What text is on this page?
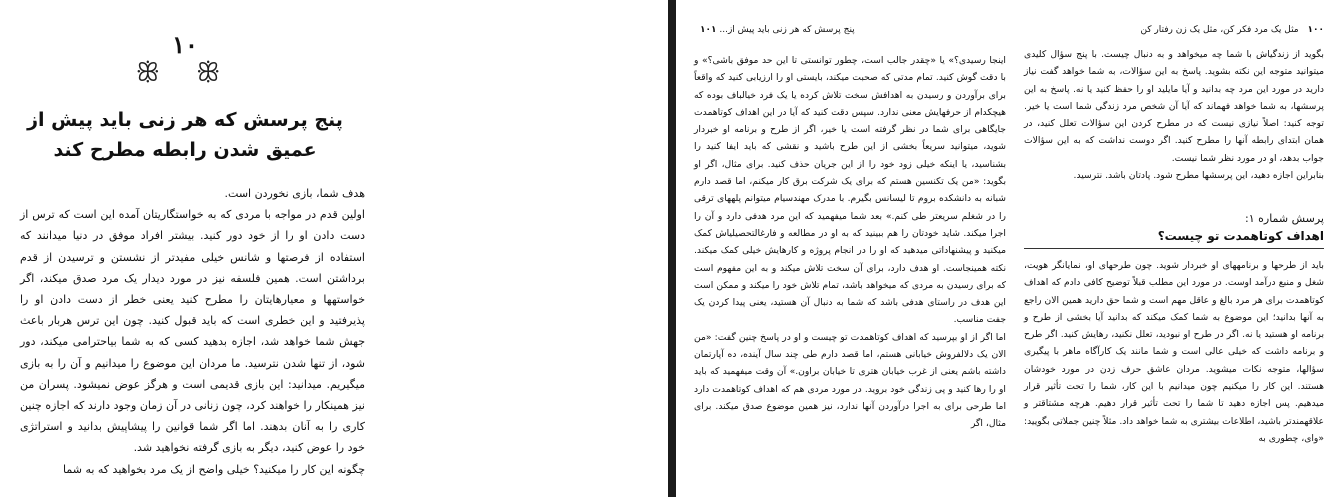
۱۰
ꕥ ꕥ
پنج پرسش که هر زنی باید پیش از عمیق شدن رابطه مطرح کند

هدف شما، بازی نخوردن است.

اولین قدم در مواجه با مردی که به خواستگاریتان آمده این است که ترس از دست دادن او را از خود دور کنید. بیشتر افراد موفق در دنیا میدانند که استفاده از فرصتها و شانس خیلی مفیدتر از نشستن و ترسیدن از قدم برداشتن است. همین فلسفه نیز در مورد دیدار یک مرد صدق میکند، اگر خواستهها و معیارهایتان را مطرح کنید یعنی خطر از دست دادن او را پذیرفتید و این خطری است که باید قبول کنید. چون این ترس هربار باعث جهش شما خواهد شد، اجازه بدهید کسی که به شما بیاحترامی میکند، دور شود، از تنها شدن نترسید. ما مردان این موضوع را میدانیم و آن را به بازی میگیریم. میدانید: این بازی قدیمی است و هرگز عوض نمیشود. پسران من نیز همینکار را خواهند کرد، چون زنانی در آن زمان وجود دارند که اجازه چنین کاری را به آنان بدهند. اما اگر شما قوانین را پیشاپیش بدانید و استراتژی خود را عوض کنید، دیگر به بازی گرفته نخواهید شد.

چگونه این کار را میکنید؟ خیلی واضح از یک مرد بخواهید که به شما

پنج پرسش که هر زنی باید پیش از... ۱۰۱	۱۰۰ مثل یک مرد فکر کن، مثل یک زن رفتار کن

اینجا رسیدی؟» یا «چقدر جالب است، چطور توانستی تا این حد موفق باشی؟» و با دقت گوش کنید. تمام مدتی که صحبت میکند، بایستی او را ارزیابی کنید که واقعاً برای برآوردن و رسیدن به اهدافش سخت تلاش کرده یا یک فرد خیالباف بوده که هیچکدام از حرفهایش معنی ندارد. سپس دقت کنید که آیا در این اهداف کوتاهمدت جایگاهی برای شما در نظر گرفته است یا خیر، اگر از طرح و برنامه او خبردار شوید، میتوانید سریعاً بخشی از این طرح باشید و نقشی که باید ایفا کنید را بشناسید، یا اینکه خیلی زود خود را از این جریان حذف کنید. برای مثال، اگر او بگوید: «من یک تکنسین هستم که برای یک شرکت برق کار میکنم، اما قصد دارم شبانه به دانشکده بروم تا لیسانس بگیرم. با مدرک مهندسیام میتوانم پلههای ترقی را در شغلم سریعتر طی کنم.» بعد شما میفهمید که این مرد هدفی دارد و آن را اجرا میکند. شاید خودتان را هم ببینید که به او در مطالعه و فارغالتحصیلیاش کمک میکنید و پیشنهاداتی میدهید که او را در انجام پروژه و کارهایش خیلی کمک میکند. نکته همینجاست. او هدف دارد، برای آن سخت تلاش میکند و به این مفهوم است که برای رسیدن به مردی که میخواهد باشد، تمام تلاش خود را میکند و ممکن است این هدف در راستای هدفی باشد که شما به دنبال آن هستید، یعنی پیدا کردن یک جفت مناسب.

اما اگر از او بپرسید که اهداف کوتاهمدت تو چیست و او در پاسخ چنین گفت: «من الان یک دلالفروش خیابانی هستم، اما قصد دارم طی چند سال آینده، ده آپارتمان داشته باشم یعنی از غرب خیابان هتری تا خیابان براون.» آن وقت میفهمید که باید او را رها کنید و پی زندگی خود بروید. در مورد مردی هم که اهداف کوتاهمدت دارد اما طرحی برای به اجرا درآوردن آنها ندارد، نیز همین موضوع صدق میکند. برای مثال، اگر

بگوید از زندگیاش با شما چه میخواهد و به دنبال چیست. با پنج سؤال کلیدی میتوانید متوجه این نکته بشوید. پاسخ به این سؤالات، به شما خواهد گفت نیاز دارید در مورد این مرد چه بدانید و آیا مایلید او را حفظ کنید یا نه. پاسخ به این پرسشها، به شما خواهد فهماند که آیا آن شخص مرد زندگی شما است یا خیر. توجه کنید: اصلاً نیازی نیست که در مطرح کردن این سؤالات تعلل کنید، در همان ابتدای رابطه آنها را مطرح کنید. اگر دوست نداشت که به این سؤالات جواب بدهد، او در مورد نظر شما نیست.

بنابراین اجازه دهید، این پرسشها مطرح شود. پادتان باشد. نترسید.

پرسش شماره ۱:
اهداف کوتاهمدت تو چیست؟

باید از طرحها و برنامههای او خبردار شوید. چون طرحهای او، نمایانگر هویت، شغل و منبع درآمد اوست. در مورد این مطلب قبلاً توضیح کافی دادم که اهداف کوتاهمدت برای هر مرد بالغ و عاقل مهم است و شما حق دارید همین الان راجع به آنها بدانید؛ این موضوع به شما کمک میکند که بدانید آیا بخشی از طرح و برنامه او هستید یا نه. اگر در طرح او نبودید، تعلل نکنید، رهایش کنید. اگر طرح و برنامه داشت که خیلی عالی است و شما مانند یک کارآگاه ماهر با پیگیری سؤالها، متوجه نکات میشوید. مردان عاشق حرف زدن در مورد خودشان هستند. این کار را میکنیم چون میدانیم با این کار، شما را تحت تأثیر قرار میدهیم. پس اجازه دهید تا شما را تحت تأثیر قرار دهیم. هرچه مشتاقتر و علاقهمندتر باشید، اطلاعات بیشتری به شما خواهد داد. مثلاً چنین جملاتی بگویید: «وای، چطوری به
